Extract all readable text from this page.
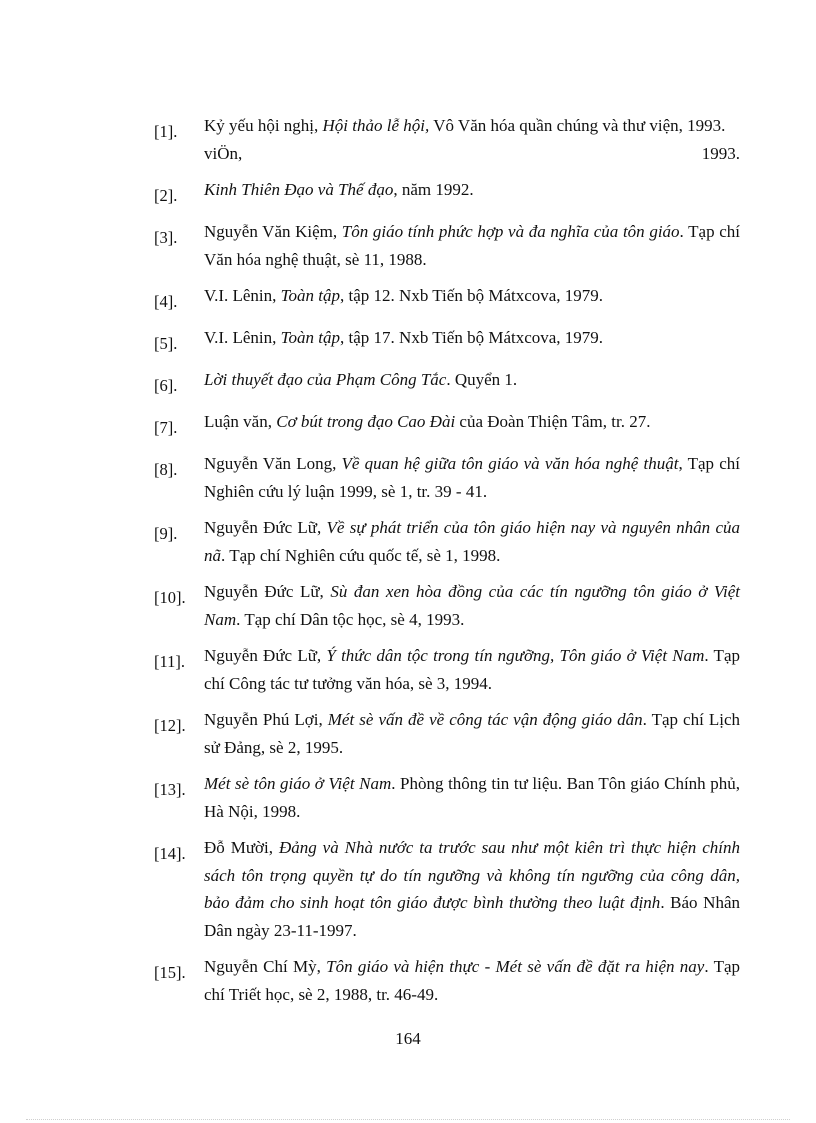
[1].	Kỷ yếu hội nghị, Hội thảo lễ hội, Vô Văn hóa quần chúng và thư viện, 1993.
viÖn,	1993.
[2].	Kinh Thiên Đạo và Thế đạo, năm 1992.
[3].	Nguyễn Văn Kiệm, Tôn giáo tính phức hợp và đa nghĩa của tôn giáo. Tạp chí Văn hóa nghệ thuật, sè 11, 1988.
[4].	V.I. Lênin, Toàn tập, tập 12. Nxb Tiến bộ Mátxcova, 1979.
[5].	V.I. Lênin, Toàn tập, tập 17. Nxb Tiến bộ Mátxcova, 1979.
[6].	Lời thuyết đạo của Phạm Công Tắc. Quyển 1.
[7].	Luận văn, Cơ bút trong đạo Cao Đài của Đoàn Thiện Tâm, tr. 27.
[8].	Nguyễn Văn Long, Về quan hệ giữa tôn giáo và văn hóa nghệ thuật, Tạp chí Nghiên cứu lý luận 1999, sè 1, tr. 39 - 41.
[9].	Nguyễn Đức Lữ, Về sự phát triển của tôn giáo hiện nay và nguyên nhân của nã. Tạp chí Nghiên cứu quốc tế, sè 1, 1998.
[10].	Nguyễn Đức Lữ, Sù đan xen hòa đồng của các tín ngưỡng tôn giáo ở Việt Nam. Tạp chí Dân tộc học, sè 4, 1993.
[11].	Nguyễn Đức Lữ, Ý thức dân tộc trong tín ngưỡng, Tôn giáo ở Việt Nam. Tạp chí Công tác tư tưởng văn hóa, sè 3, 1994.
[12].	Nguyễn Phú Lợi, Mét sè vấn đề về công tác vận động giáo dân. Tạp chí Lịch sử Đảng, sè 2, 1995.
[13].	Mét sè tôn giáo ở Việt Nam. Phòng thông tin tư liệu. Ban Tôn giáo Chính phủ, Hà Nội, 1998.
[14].	Đỗ Mười, Đảng và Nhà nước ta trước sau như một kiên trì thực hiện chính sách tôn trọng quyền tự do tín ngưỡng và không tín ngưỡng của công dân, bảo đảm cho sinh hoạt tôn giáo được bình thường theo luật định. Báo Nhân Dân ngày 23-11-1997.
[15].	Nguyễn Chí Mỳ, Tôn giáo và hiện thực - Mét sè vấn đề đặt ra hiện nay. Tạp chí Triết học, sè 2, 1988, tr. 46-49.
164
